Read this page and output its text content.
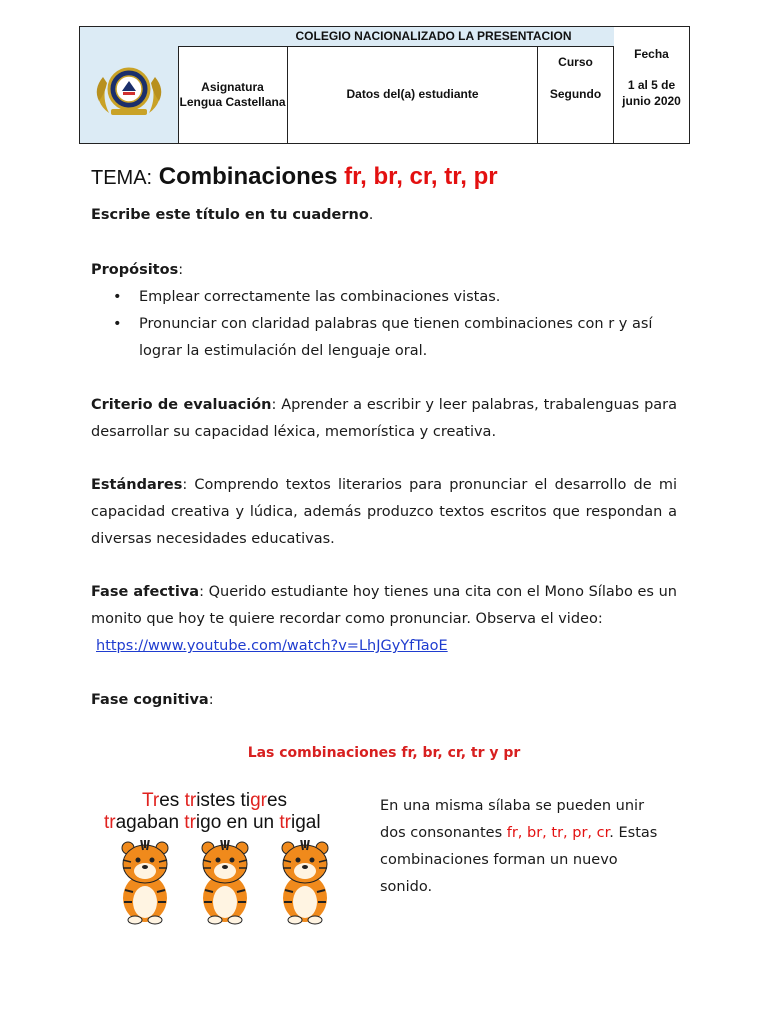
COLEGIO NACIONALIZADO LA PRESENTACION
Asignatura
Lengua Castellana
Datos del(a) estudiante
Curso
Segundo
Fecha
1 al 5 de
junio 2020
TEMA: Combinaciones fr, br, cr, tr, pr
Escribe este título en tu cuaderno.
Propósitos:
• Emplear correctamente las combinaciones vistas.
• Pronunciar con claridad palabras que tienen combinaciones con r y así
lograr la estimulación del lenguaje oral.
Criterio de evaluación: Aprender a escribir y leer palabras, trabalenguas para desarrollar su capacidad léxica, memorística y creativa.
Estándares: Comprendo textos literarios para pronunciar el desarrollo de mi capacidad creativa y lúdica, además produzco textos escritos que respondan a diversas necesidades educativas.
Fase afectiva: Querido estudiante hoy tienes una cita con el Mono Sílabo es un monito que hoy te quiere recordar como pronunciar. Observa el video:
https://www.youtube.com/watch?v=LhJGyYfTaoE
Fase cognitiva:
Las combinaciones fr, br, cr, tr y pr
Tres tristes tigres
tragaban trigo en un trigal
En una misma sílaba se pueden unir dos consonantes fr, br, tr, pr, cr. Estas combinaciones forman un nuevo sonido.
